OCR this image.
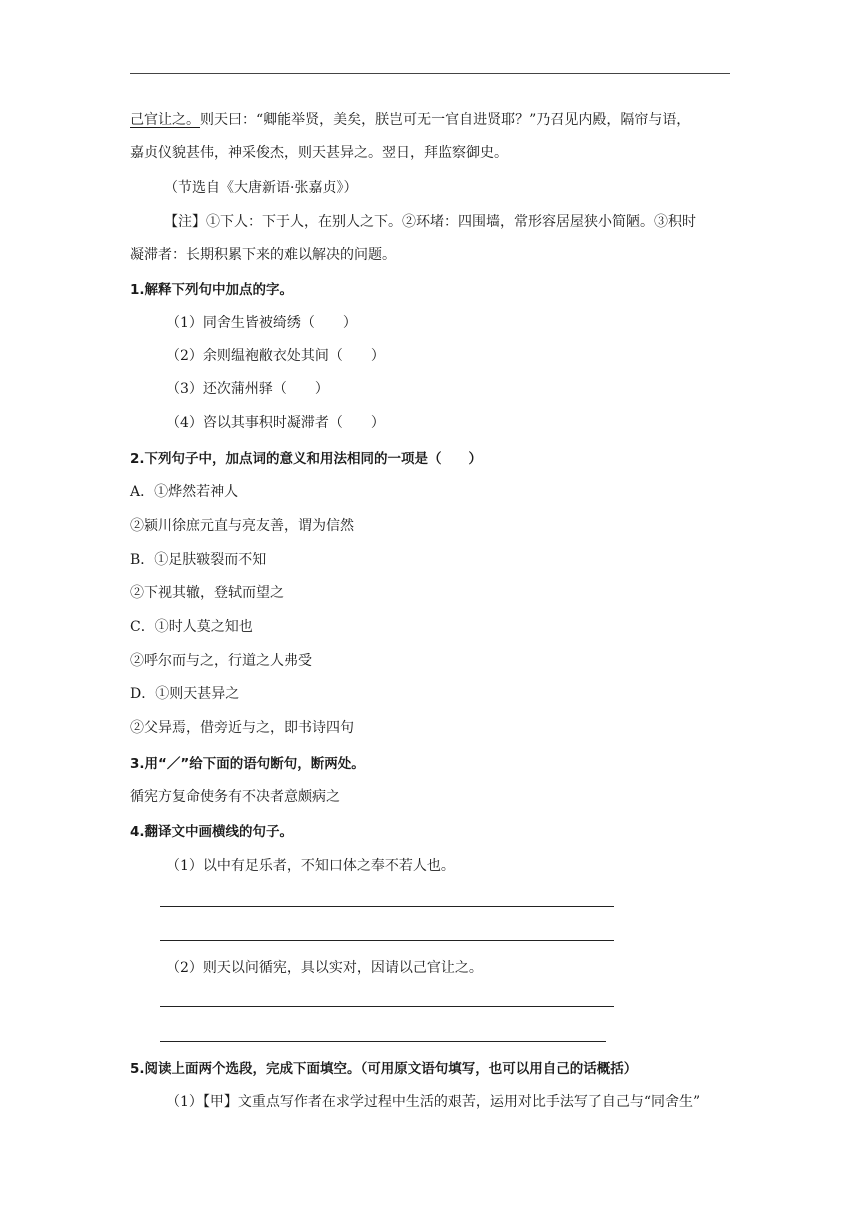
己官让之。则天曰：“卿能举贤，美矣，朕岂可无一官自进贤耶？”乃召见内殿，隔帘与语，
嘉贞仪貌甚伟，神采俊杰，则天甚异之。翌日，拜监察御史。
（节选自《大唐新语·张嘉贞》）
【注】①下人：下于人，在别人之下。②环堵：四围墙，常形容居屋狭小简陋。③积时
凝滞者：长期积累下来的难以解决的问题。
1.解释下列句中加点的字。
（1）同舍生皆被绮绣（　　）
（2）余则缊袍敝衣处其间（　　）
（3）还次蒲州驿（　　）
（4）咨以其事积时凝滞者（　　）
2.下列句子中，加点词的意义和用法相同的一项是（　　）
A．①烨然若神人
②颍川徐庶元直与亮友善，谓为信然
B．①足肤皲裂而不知
②下视其辙，登轼而望之
C．①时人莫之知也
②呼尔而与之，行道之人弗受
D．①则天甚异之
②父异焉，借旁近与之，即书诗四句
3.用“／”给下面的语句断句，断两处。
循宪方复命使务有不决者意颇病之
4.翻译文中画横线的句子。
（1）以中有足乐者，不知口体之奉不若人也。
（2）则天以问循宪，具以实对，因请以己官让之。
5.阅读上面两个选段，完成下面填空。（可用原文语句填写，也可以用自己的话概括）
（1）【甲】文重点写作者在求学过程中生活的艰苦，运用对比手法写了自己与“同舍生”
